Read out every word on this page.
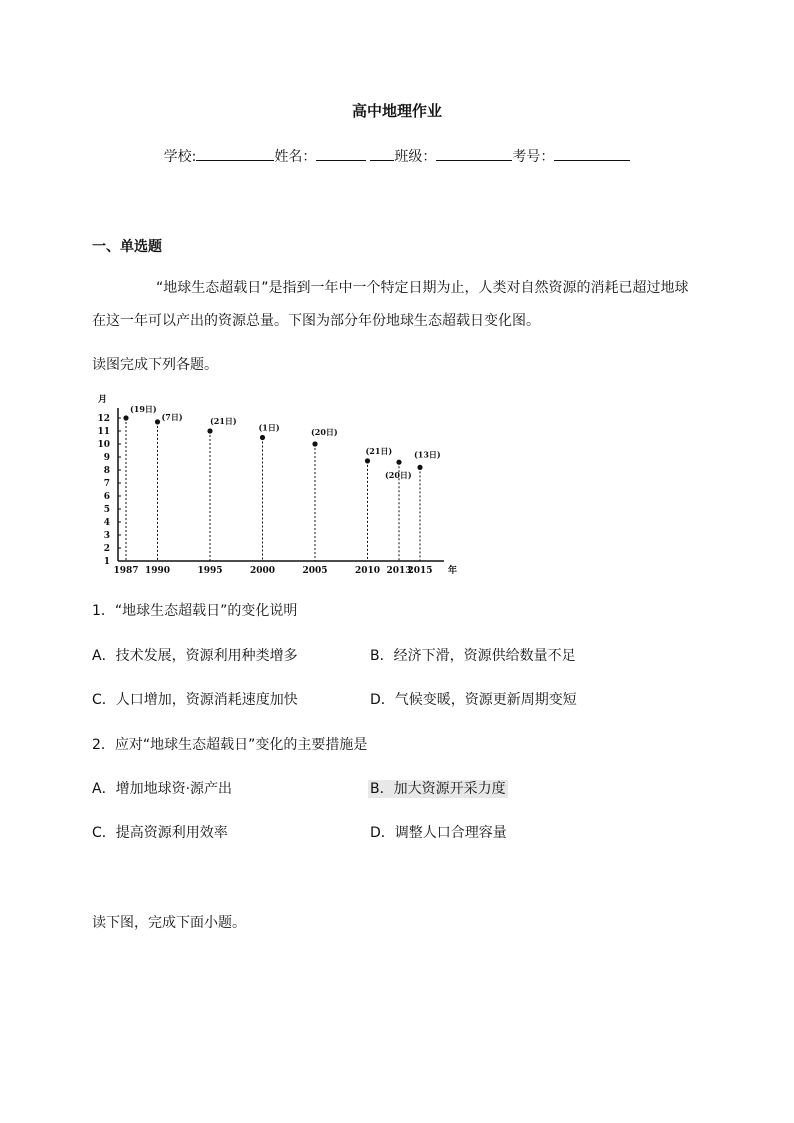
高中地理作业
学校:	姓名：	班级：	考号：
一、单选题
“地球生态超载日”是指到一年中一个特定日期为止，人类对自然资源的消耗已超过地球
在这一年可以产出的资源总量。下图为部分年份地球生态超载日变化图。
读图完成下列各题。
月
1
2
3
4
5
6
7
8
9
10
11
12
1987 1990	1995	2000	2005	2010 2013
2015 年
(19日)
(7日)	(21日)
(1日)	(20日)
(21日)
(20日)
(13日)
1．“地球生态超载日”的变化说明
A．技术发展，资源利用种类增多	B．经济下滑，资源供给数量不足
C．人口增加，资源消耗速度加快	D．气候变暖，资源更新周期变短
2．应对“地球生态超载日”变化的主要措施是
A．增加地球资·源产出	B．加大资源开采力度
C．提高资源利用效率	D．调整人口合理容量
读下图，完成下面小题。
